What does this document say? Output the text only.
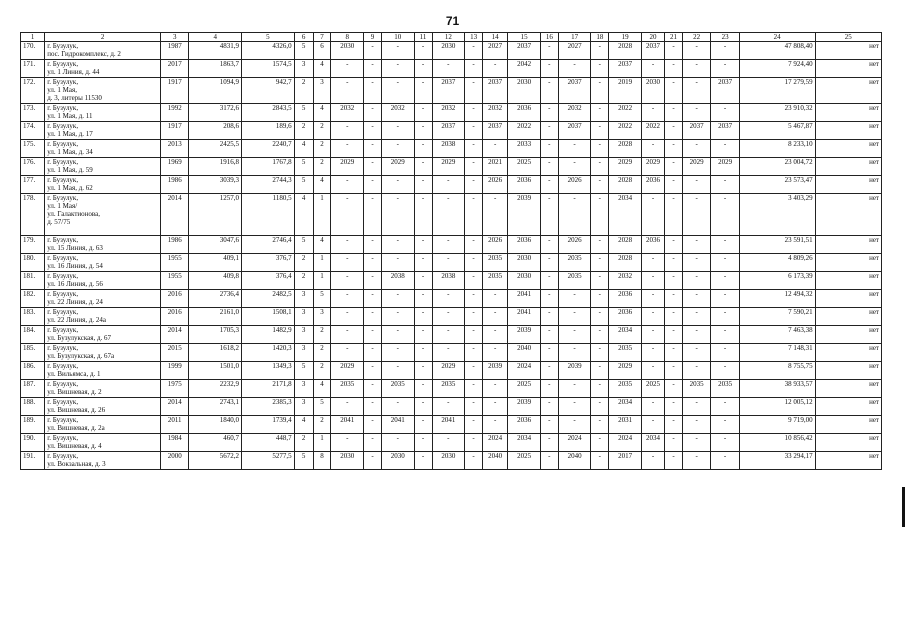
71
1	2	3	4	5	6	7	8	9	10	11	12	13	14	15	16	17	18	19	20	21	22	23	24	25
170.	г. Бузулук,
пос. Гидрокомплекс, д. 2	1987	4831,9	4326,0	5	6	2030	-	-	-	2030	-	2027	2037	-	2027	-	2028	2037	-	-	-	47 808,40	нет
171.	г. Бузулук,
ул. 1 Линия, д. 44	2017	1863,7	1574,5	3	4	-	-	-	-	-	-	-	2042	-	-	-	2037	-	-	-	-	7 924,40	нет
172.	г. Бузулук,
ул. 1 Мая,
д. 3, литеры 11530	1917	1094,9	942,7	2	3	-	-	-	-	2037	-	2037	2030	-	2037	-	2019	2030	-	-	2037	17 279,59	нет
173.	г. Бузулук,
ул. 1 Мая, д. 11	1992	3172,6	2843,5	5	4	2032	-	2032	-	2032	-	2032	2036	-	2032	-	2022	-	-	-	-	23 910,32	нет
174.	г. Бузулук,
ул. 1 Мая, д. 17	1917	208,6	189,6	2	2	-	-	-	-	2037	-	2037	2022	-	2037	-	2022	2022	-	2037	2037	5 467,87	нет
175.	г. Бузулук,
ул. 1 Мая, д. 34	2013	2425,5	2240,7	4	2	-	-	-	-	2038	-	-	2033	-	-	-	2028	-	-	-	-	8 233,10	нет
176.	г. Бузулук,
ул. 1 Мая, д. 59	1969	1916,8	1767,8	5	2	2029	-	2029	-	2029	-	2021	2025	-	-	-	2029	2029	-	2029	2029	23 004,72	нет
177.	г. Бузулук,
ул. 1 Мая, д. 62	1986	3039,3	2744,3	5	4	-	-	-	-	-	-	2026	2036	-	2026	-	2028	2036	-	-	-	23 573,47	нет
178.	г. Бузулук,
ул. 1 Мая/
ул. Галактионова,
д. 57/75	2014	1257,0	1180,5	4	1	-	-	-	-	-	-	-	2039	-	-	-	2034	-	-	-	-	3 403,29	нет
179.	г. Бузулук,
ул. 15 Линия, д. 63	1986	3047,6	2746,4	5	4	-	-	-	-	-	-	2026	2036	-	2026	-	2028	2036	-	-	-	23 591,51	нет
180.	г. Бузулук,
ул. 16 Линия, д. 54	1955	409,1	376,7	2	1	-	-	-	-	-	-	2035	2030	-	2035	-	2028	-	-	-	-	4 809,26	нет
181.	г. Бузулук,
ул. 16 Линия, д. 56	1955	409,8	376,4	2	1	-	-	2038	-	2038	-	2035	2030	-	2035	-	2032	-	-	-	-	6 173,39	нет
182.	г. Бузулук,
ул. 22 Линия, д. 24	2016	2736,4	2482,5	3	5	-	-	-	-	-	-	-	2041	-	-	-	2036	-	-	-	-	12 494,32	нет
183.	г. Бузулук,
ул. 22 Линия, д. 24а	2016	2161,0	1508,1	3	3	-	-	-	-	-	-	-	2041	-	-	-	2036	-	-	-	-	7 590,21	нет
184.	г. Бузулук,
ул. Бузулукская, д. 67	2014	1705,3	1482,9	3	2	-	-	-	-	-	-	-	2039	-	-	-	2034	-	-	-	-	7 463,38	нет
185.	г. Бузулук,
ул. Бузулукская, д. 67а	2015	1618,2	1420,3	3	2	-	-	-	-	-	-	-	2040	-	-	-	2035	-	-	-	-	7 148,31	нет
186.	г. Бузулук,
ул. Вильямса, д. 1	1999	1501,0	1349,3	5	2	2029	-	-	-	2029	-	2039	2024	-	2039	-	2029	-	-	-	-	8 755,75	нет
187.	г. Бузулук,
ул. Вишневая, д. 2	1975	2232,9	2171,8	3	4	2035	-	2035	-	2035	-	-	2025	-	-	-	2035	2025	-	2035	2035	38 933,57	нет
188.	г. Бузулук,
ул. Вишневая, д. 26	2014	2743,1	2385,3	3	5	-	-	-	-	-	-	-	2039	-	-	-	2034	-	-	-	-	12 005,12	нет
189.	г. Бузулук,
ул. Вишневая, д. 2а	2011	1840,0	1739,4	4	2	2041	-	2041	-	2041	-	-	2036	-	-	-	2031	-	-	-	-	9 719,00	нет
190.	г. Бузулук,
ул. Вишневая, д. 4	1984	460,7	448,7	2	1	-	-	-	-	-	-	2024	2034	-	2024	-	2024	2034	-	-	-	10 856,42	нет
191.	г. Бузулук,
ул. Вокзальная, д. 3	2000	5672,2	5277,5	5	8	2030	-	2030	-	2030	-	2040	2025	-	2040	-	2017	-	-	-	-	33 294,17	нет
